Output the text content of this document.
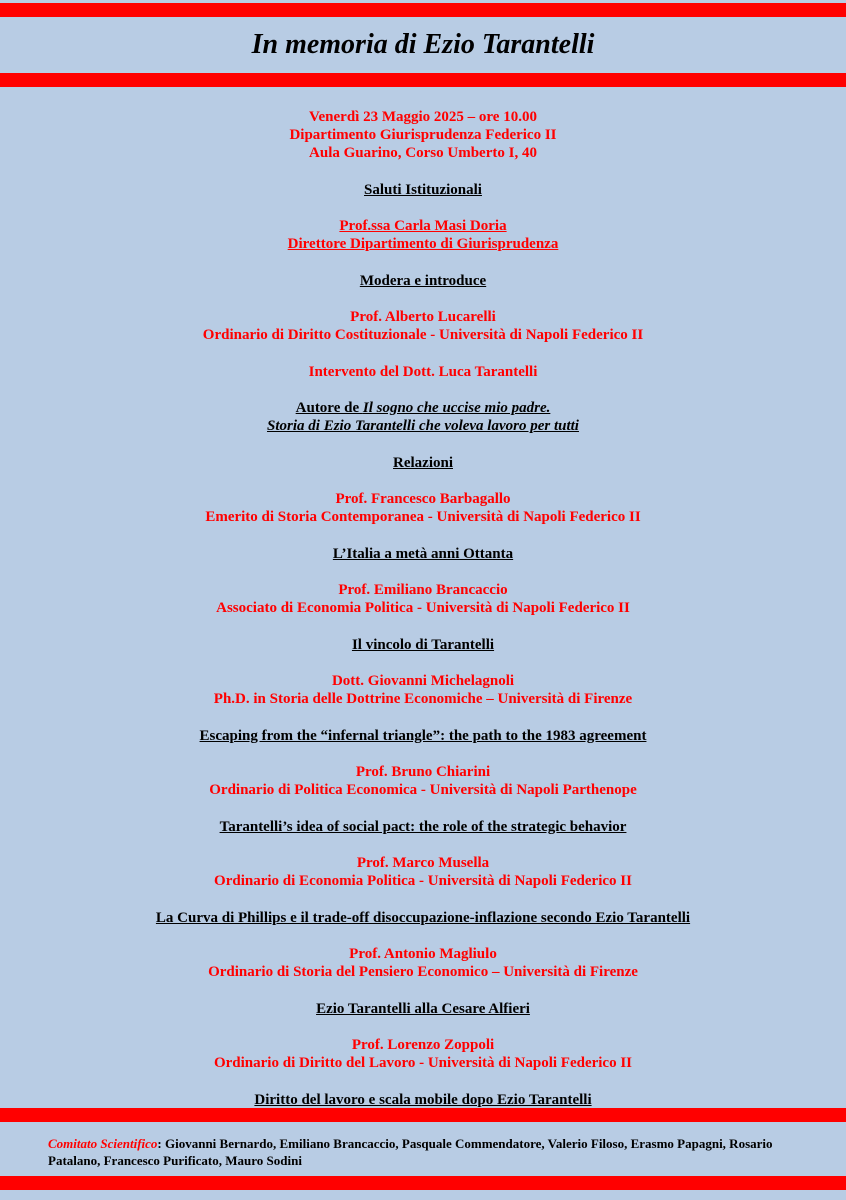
In memoria di Ezio Tarantelli
Venerdì 23 Maggio 2025 – ore 10.00
Dipartimento Giurisprudenza Federico II
Aula Guarino, Corso Umberto I, 40
Saluti Istituzionali
Prof.ssa Carla Masi Doria
Direttore Dipartimento di Giurisprudenza
Modera e introduce
Prof. Alberto Lucarelli
Ordinario di Diritto Costituzionale - Università di Napoli Federico II
Intervento del Dott. Luca Tarantelli
Autore de Il sogno che uccise mio padre.
Storia di Ezio Tarantelli che voleva lavoro per tutti
Relazioni
Prof. Francesco Barbagallo
Emerito di Storia Contemporanea - Università di Napoli Federico II
L’Italia a metà anni Ottanta
Prof. Emiliano Brancaccio
Associato di Economia Politica - Università di Napoli Federico II
Il vincolo di Tarantelli
Dott. Giovanni Michelagnoli
Ph.D. in Storia delle Dottrine Economiche – Università di Firenze
Escaping from the “infernal triangle”: the path to the 1983 agreement
Prof. Bruno Chiarini
Ordinario di Politica Economica - Università di Napoli Parthenope
Tarantelli’s idea of social pact: the role of the strategic behavior
Prof. Marco Musella
Ordinario di Economia Politica - Università di Napoli Federico II
La Curva di Phillips e il trade-off disoccupazione-inflazione secondo Ezio Tarantelli
Prof. Antonio Magliulo
Ordinario di Storia del Pensiero Economico – Università di Firenze
Ezio Tarantelli alla Cesare Alfieri
Prof. Lorenzo Zoppoli
Ordinario di Diritto del Lavoro - Università di Napoli Federico II
Diritto del lavoro e scala mobile dopo Ezio Tarantelli
Comitato Scientifico: Giovanni Bernardo, Emiliano Brancaccio, Pasquale Commendatore, Valerio Filoso, Erasmo Papagni, Rosario Patalano, Francesco Purificato, Mauro Sodini
